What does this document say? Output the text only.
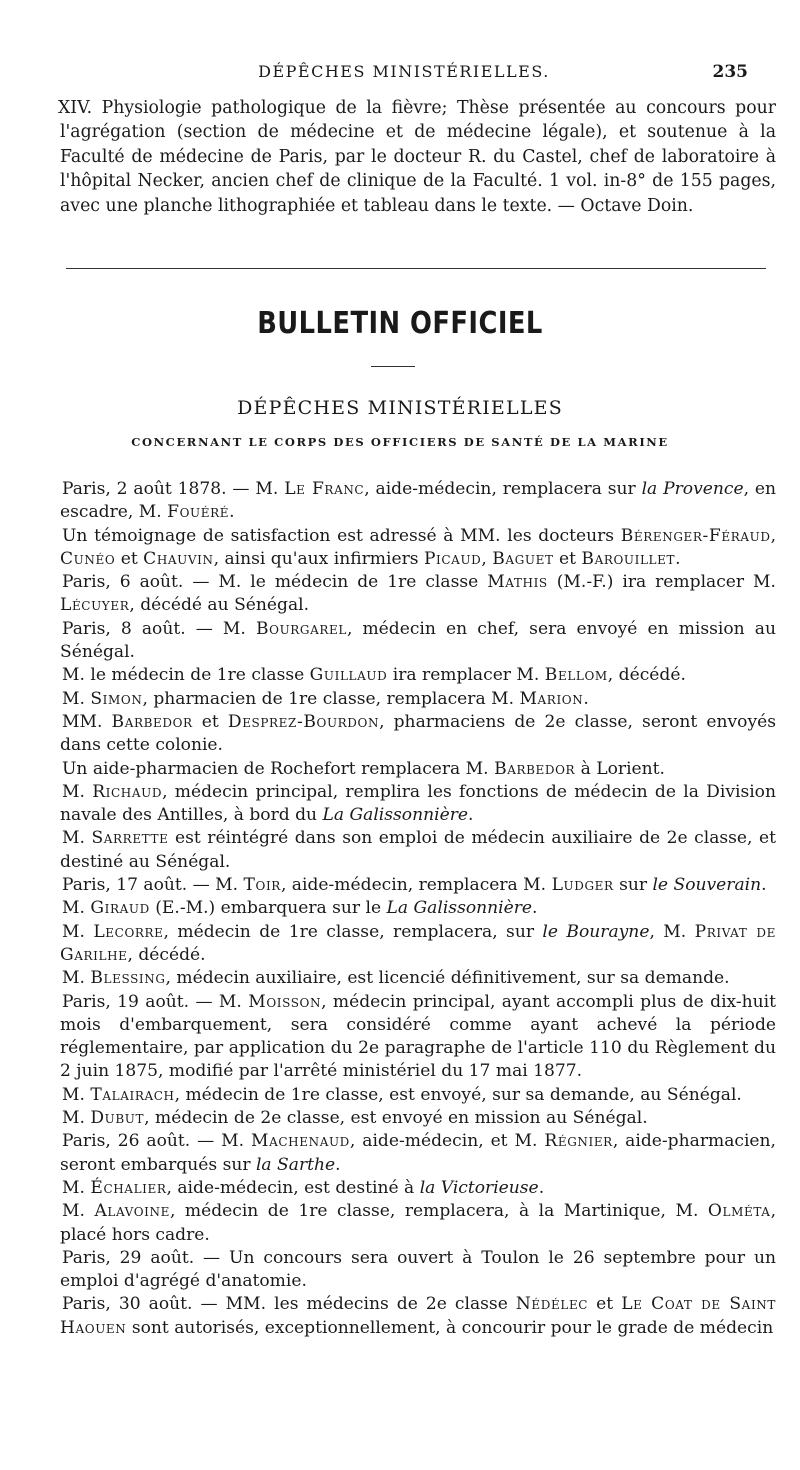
DÉPÊCHES MINISTÉRIELLES.	235

XIV. Physiologie pathologique de la fièvre; Thèse présentée au concours pour l'agrégation (section de médecine et de médecine légale), et soutenue à la Faculté de médecine de Paris, par le docteur R. du Castel, chef de laboratoire à l'hôpital Necker, ancien chef de clinique de la Faculté. 1 vol. in-8° de 155 pages, avec une planche lithographiée et tableau dans le texte. — Octave Doin.

BULLETIN OFFICIEL
DÉPÊCHES MINISTÉRIELLES
CONCERNANT LE CORPS DES OFFICIERS DE SANTÉ DE LA MARINE

Paris, 2 août 1878. — M. Le Franc, aide-médecin, remplacera sur la Provence, en escadre, M. Fouéré.

Un témoignage de satisfaction est adressé à MM. les docteurs Bérenger-Féraud, Cunéo et Chauvin, ainsi qu'aux infirmiers Picaud, Baguet et Barouillet.

Paris, 6 août. — M. le médecin de 1re classe Mathis (M.-F.) ira remplacer M. Lécuyer, décédé au Sénégal.

Paris, 8 août. — M. Bourgarel, médecin en chef, sera envoyé en mission au Sénégal.

M. le médecin de 1re classe Guillaud ira remplacer M. Bellom, décédé.

M. Simon, pharmacien de 1re classe, remplacera M. Marion.

MM. Barbedor et Desprez-Bourdon, pharmaciens de 2e classe, seront envoyés dans cette colonie.

Un aide-pharmacien de Rochefort remplacera M. Barbedor à Lorient.

M. Richaud, médecin principal, remplira les fonctions de médecin de la Division navale des Antilles, à bord du La Galissonnière.

M. Sarrette est réintégré dans son emploi de médecin auxiliaire de 2e classe, et destiné au Sénégal.

Paris, 17 août. — M. Toir, aide-médecin, remplacera M. Ludger sur le Souverain.

M. Giraud (E.-M.) embarquera sur le La Galissonnière.

M. Lecorre, médecin de 1re classe, remplacera, sur le Bourayne, M. Privat de Garilhe, décédé.

M. Blessing, médecin auxiliaire, est licencié définitivement, sur sa demande.

Paris, 19 août. — M. Moisson, médecin principal, ayant accompli plus de dix-huit mois d'embarquement, sera considéré comme ayant achevé la période réglementaire, par application du 2e paragraphe de l'article 110 du Règlement du 2 juin 1875, modifié par l'arrêté ministériel du 17 mai 1877.

M. Talairach, médecin de 1re classe, est envoyé, sur sa demande, au Sénégal.

M. Dubut, médecin de 2e classe, est envoyé en mission au Sénégal.

Paris, 26 août. — M. Machenaud, aide-médecin, et M. Régnier, aide-pharmacien, seront embarqués sur la Sarthe.

M. Échalier, aide-médecin, est destiné à la Victorieuse.

M. Alavoine, médecin de 1re classe, remplacera, à la Martinique, M. Olméta, placé hors cadre.

Paris, 29 août. — Un concours sera ouvert à Toulon le 26 septembre pour un emploi d'agrégé d'anatomie.

Paris, 30 août. — MM. les médecins de 2e classe Nédélec et Le Coat de Saint Haouen sont autorisés, exceptionnellement, à concourir pour le grade de médecin
